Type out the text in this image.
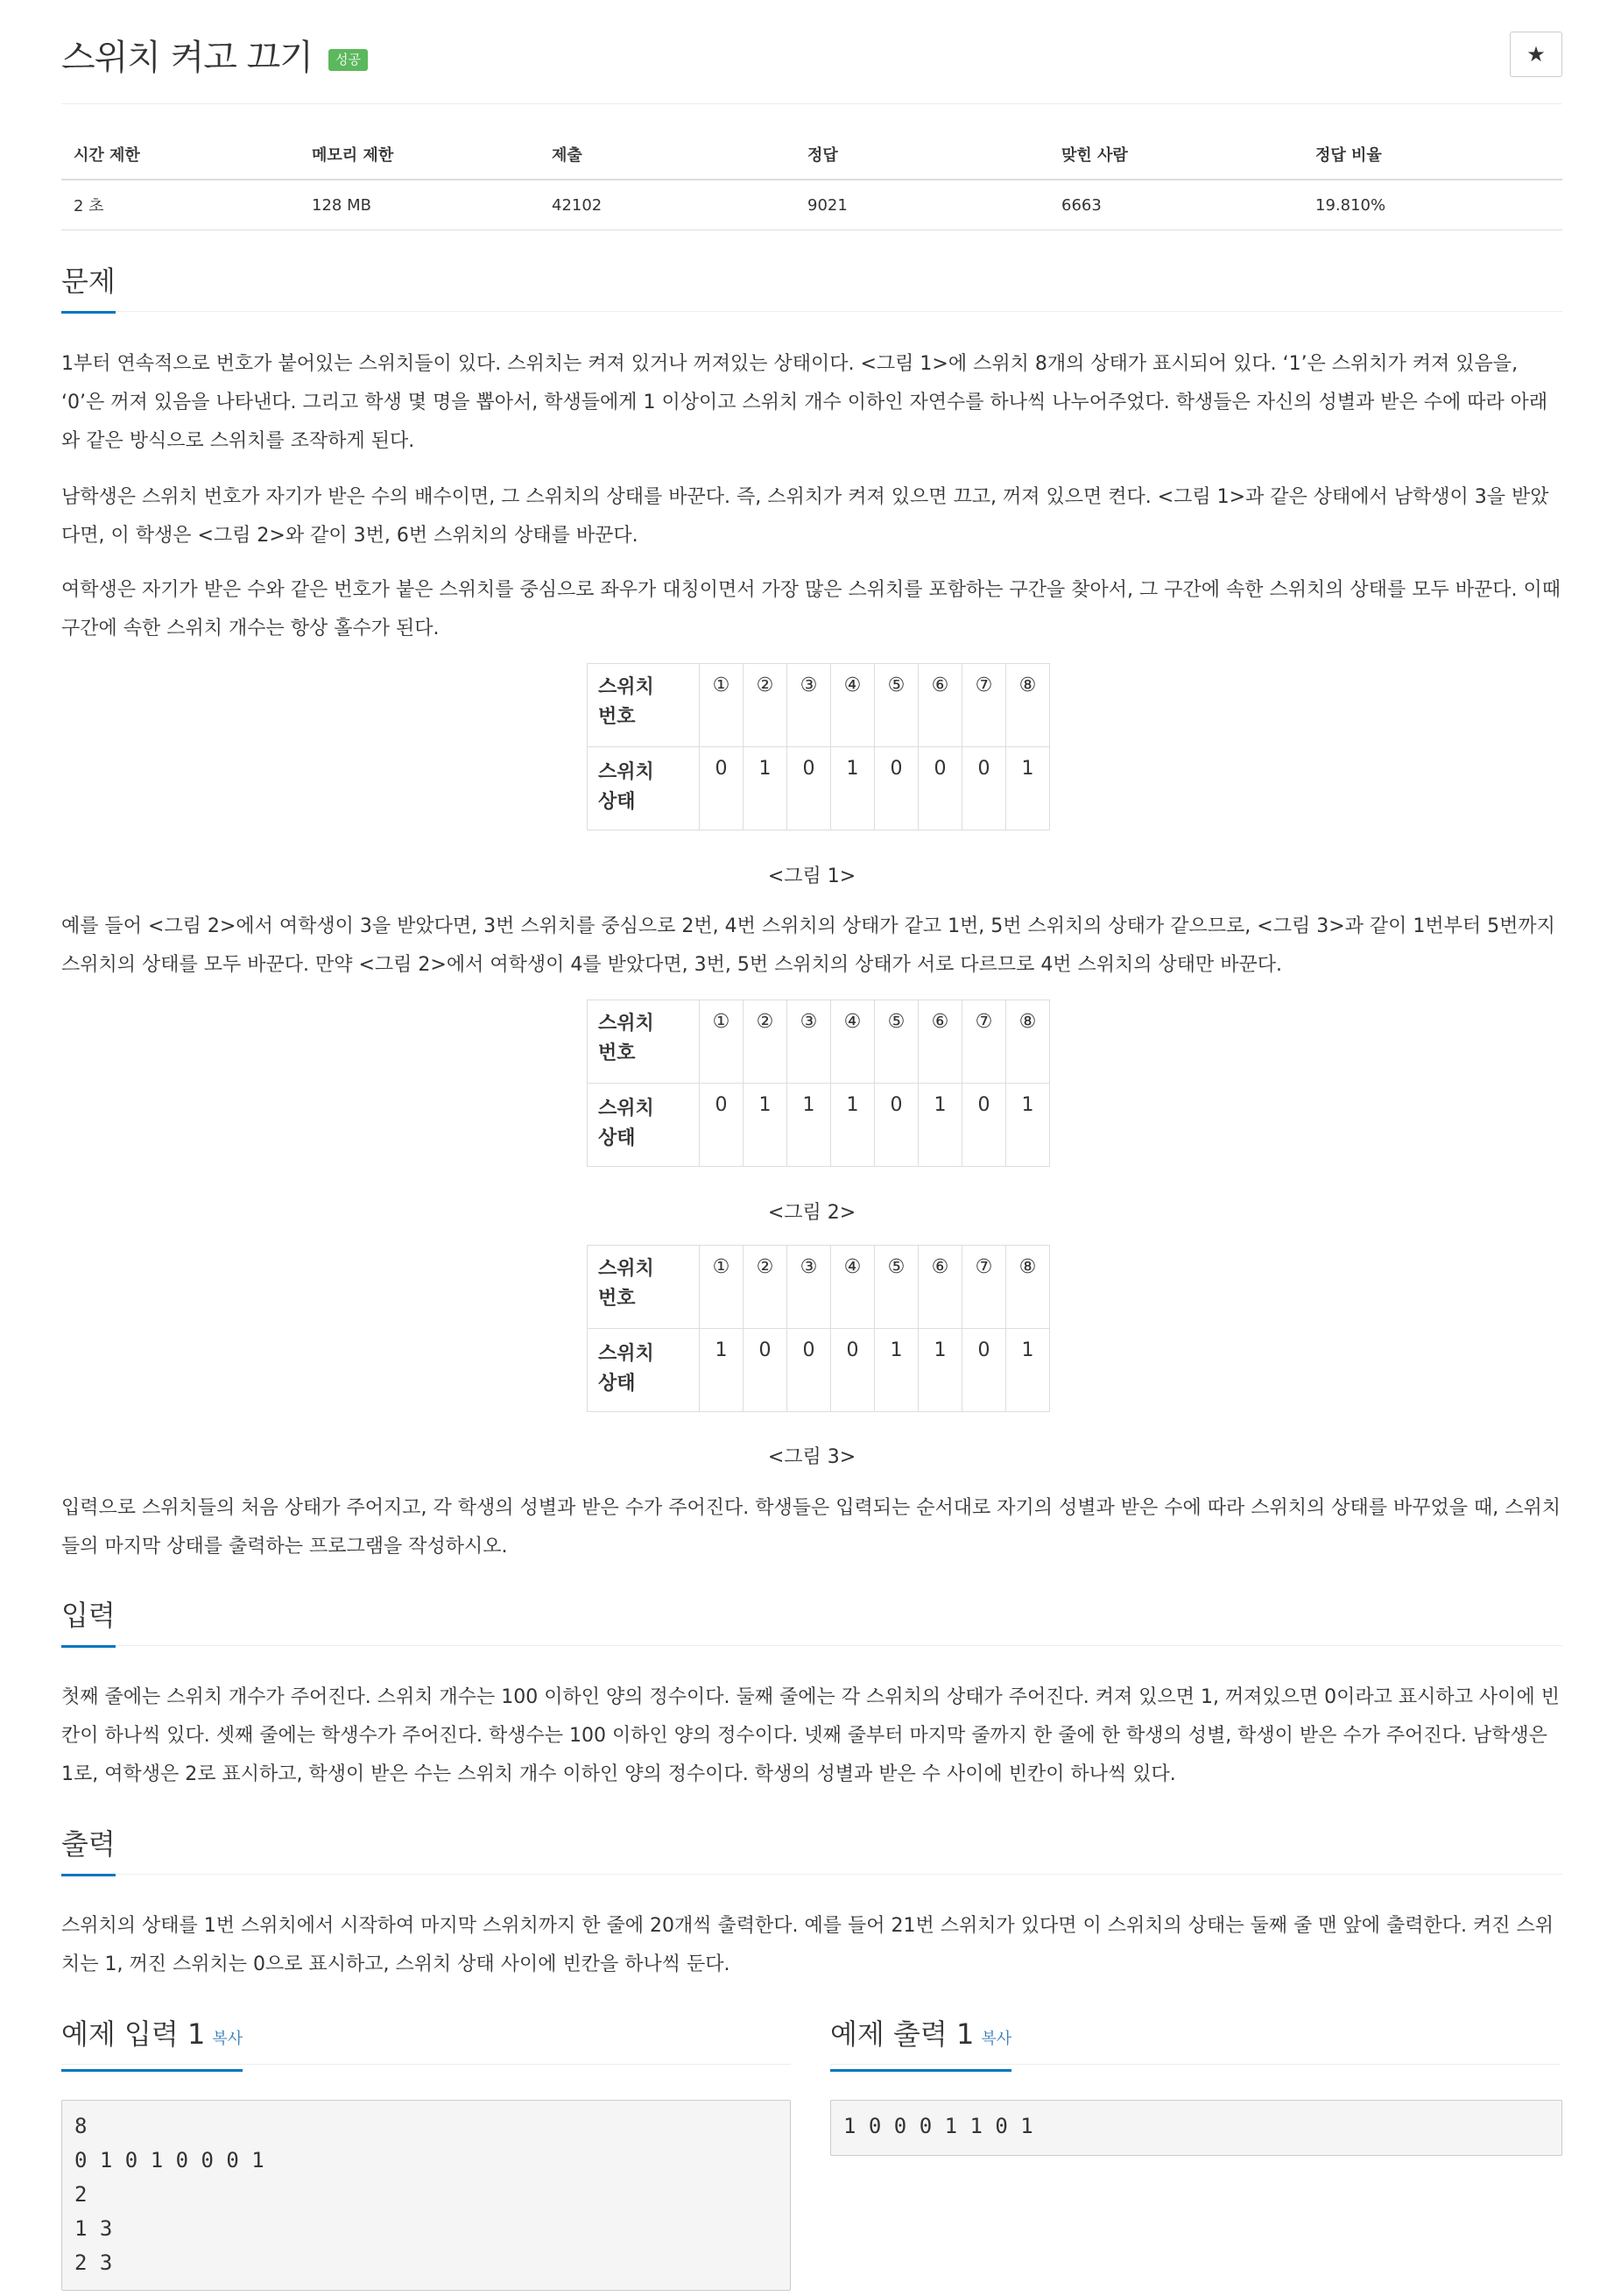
스위치 켜고 끄기	성공	★
시간 제한	메모리 제한	제출	정답	맞힌 사람	정답 비율
2 초	128 MB	42102	9021	6663	19.810%
문제
1부터 연속적으로 번호가 붙어있는 스위치들이 있다. 스위치는 켜져 있거나 꺼져있는 상태이다. <그림 1>에 스위치 8개의 상태가 표시되어 있다. ‘1’은 스위치가 켜져 있음을, ‘0’은 꺼져 있음을 나타낸다. 그리고 학생 몇 명을 뽑아서, 학생들에게 1 이상이고 스위치 개수 이하인 자연수를 하나씩 나누어주었다. 학생들은 자신의 성별과 받은 수에 따라 아래와 같은 방식으로 스위치를 조작하게 된다.
남학생은 스위치 번호가 자기가 받은 수의 배수이면, 그 스위치의 상태를 바꾼다. 즉, 스위치가 켜져 있으면 끄고, 꺼져 있으면 켠다. <그림 1>과 같은 상태에서 남학생이 3을 받았다면, 이 학생은 <그림 2>와 같이 3번, 6번 스위치의 상태를 바꾼다.
여학생은 자기가 받은 수와 같은 번호가 붙은 스위치를 중심으로 좌우가 대칭이면서 가장 많은 스위치를 포함하는 구간을 찾아서, 그 구간에 속한 스위치의 상태를 모두 바꾼다. 이때 구간에 속한 스위치 개수는 항상 홀수가 된다.
스위치
번호	①	②	③	④	⑤	⑥	⑦	⑧
스위치
상태	0	1	0	1	0	0	0	1
<그림 1>
예를 들어 <그림 2>에서 여학생이 3을 받았다면, 3번 스위치를 중심으로 2번, 4번 스위치의 상태가 같고 1번, 5번 스위치의 상태가 같으므로, <그림 3>과 같이 1번부터 5번까지 스위치의 상태를 모두 바꾼다. 만약 <그림 2>에서 여학생이 4를 받았다면, 3번, 5번 스위치의 상태가 서로 다르므로 4번 스위치의 상태만 바꾼다.
스위치
번호	①	②	③	④	⑤	⑥	⑦	⑧
스위치
상태	0	1	1	1	0	1	0	1
<그림 2>
스위치
번호	①	②	③	④	⑤	⑥	⑦	⑧
스위치
상태	1	0	0	0	1	1	0	1
<그림 3>
입력으로 스위치들의 처음 상태가 주어지고, 각 학생의 성별과 받은 수가 주어진다. 학생들은 입력되는 순서대로 자기의 성별과 받은 수에 따라 스위치의 상태를 바꾸었을 때, 스위치들의 마지막 상태를 출력하는 프로그램을 작성하시오.
입력
첫째 줄에는 스위치 개수가 주어진다. 스위치 개수는 100 이하인 양의 정수이다. 둘째 줄에는 각 스위치의 상태가 주어진다. 켜져 있으면 1, 꺼져있으면 0이라고 표시하고 사이에 빈칸이 하나씩 있다. 셋째 줄에는 학생수가 주어진다. 학생수는 100 이하인 양의 정수이다. 넷째 줄부터 마지막 줄까지 한 줄에 한 학생의 성별, 학생이 받은 수가 주어진다. 남학생은 1로, 여학생은 2로 표시하고, 학생이 받은 수는 스위치 개수 이하인 양의 정수이다. 학생의 성별과 받은 수 사이에 빈칸이 하나씩 있다.
출력
스위치의 상태를 1번 스위치에서 시작하여 마지막 스위치까지 한 줄에 20개씩 출력한다. 예를 들어 21번 스위치가 있다면 이 스위치의 상태는 둘째 줄 맨 앞에 출력한다. 켜진 스위치는 1, 꺼진 스위치는 0으로 표시하고, 스위치 상태 사이에 빈칸을 하나씩 둔다.
예제 입력 1 복사	예제 출력 1 복사
8
0 1 0 1 0 0 0 1
2
1 3
2 3
1 0 0 0 1 1 0 1
